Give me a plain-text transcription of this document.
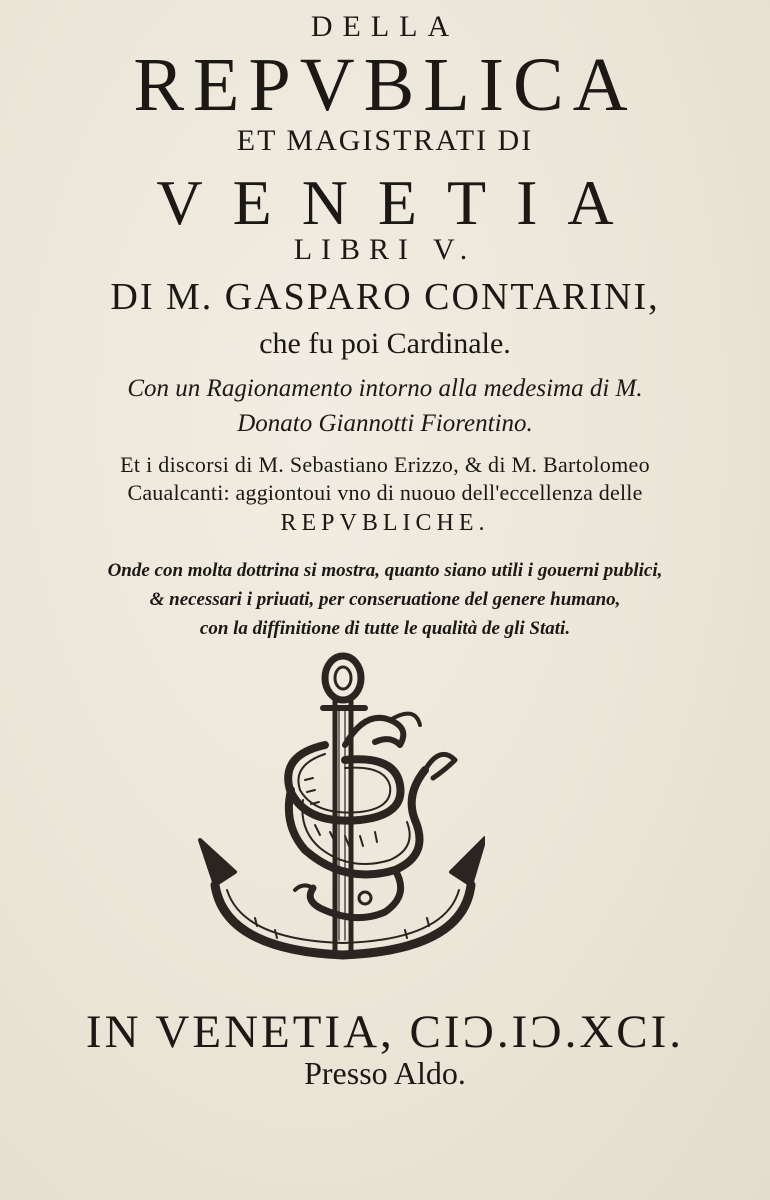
DELLA
REPVBLICA
ET MAGISTRATI DI
VENETIA
LIBRI V.
DI M. GASPARO CONTARINI,
che fu poi Cardinale.
Con un Ragionamento intorno alla medesima di M.
Donato Giannotti Fiorentino.
Et i discorsi di M. Sebastiano Erizzo, & di M. Bartolomeo
Caualcanti: aggiontoui vno di nuouo dell'eccellenza delle
REPVBLICHE.
Onde con molta dottrina si mostra, quanto siano utili i gouerni publici,
& necessari i priuati, per conseruatione del genere humano,
con la diffinitione di tutte le qualità de gli Stati.
IN VENETIA, CIƆ.IƆ.XCI.
Presso Aldo.
